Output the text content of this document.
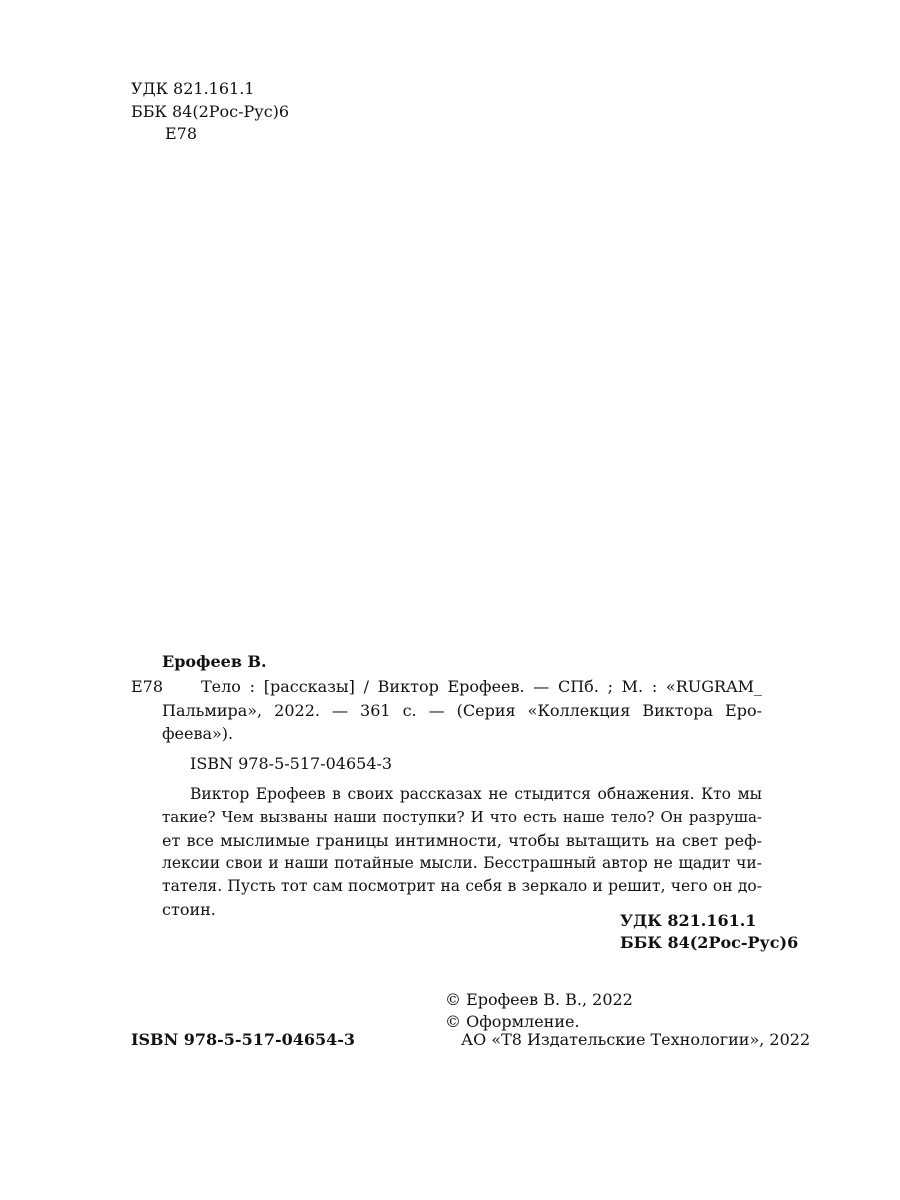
УДК 821.161.1
ББК 84(2Рос-Рус)6
Е78
Ерофеев В.
Е78 Тело : [рассказы] / Виктор Ерофеев. — СПб. ; М. : «RUGRAM_
Пальмира», 2022. — 361 с. — (Серия «Коллекция Виктора Еро-
феева»).
ISBN 978-5-517-04654-3
Виктор Ерофеев в своих рассказах не стыдится обнажения. Кто мы
такие? Чем вызваны наши поступки? И что есть наше тело? Он разруша-
ет все мыслимые границы интимности, чтобы вытащить на свет реф-
лексии свои и наши потайные мысли. Бесстрашный автор не щадит чи-
тателя. Пусть тот сам посмотрит на себя в зеркало и решит, чего он до-
стоин.
УДК 821.161.1
ББК 84(2Рос-Рус)6
© Ерофеев В. В., 2022
© Оформление.
ISBN 978-5-517-04654-3	АО «Т8 Издательские Технологии», 2022
